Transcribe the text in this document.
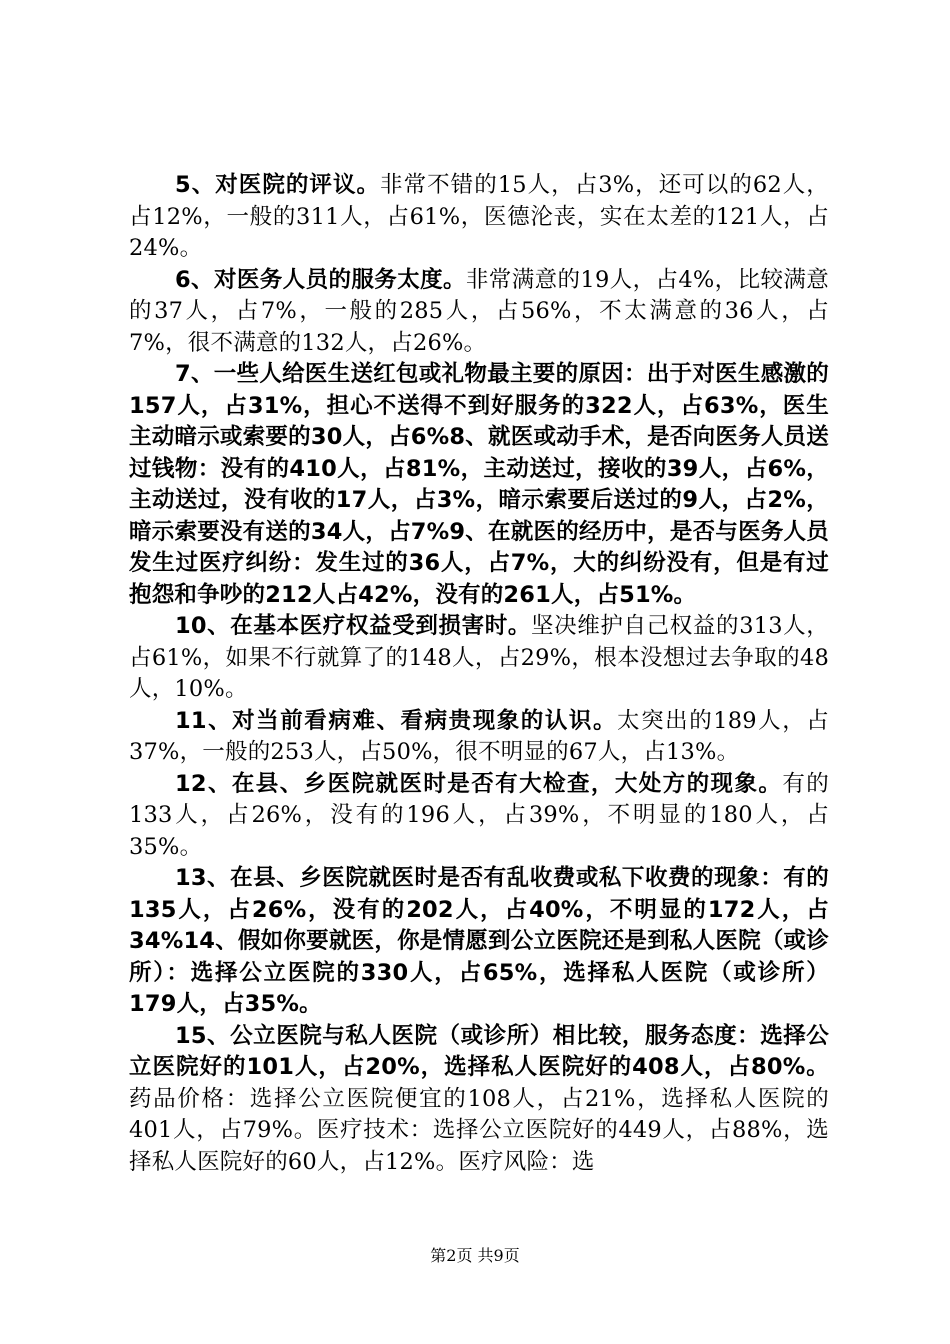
5、对医院的评议。非常不错的15人，占3%，还可以的62人，占12%，一般的311人，占61%，医德沦丧，实在太差的121人，占24%。

6、对医务人员的服务太度。非常满意的19人，占4%，比较满意的37人，占7%，一般的285人，占56%，不太满意的36人，占7%，很不满意的132人，占26%。

7、一些人给医生送红包或礼物最主要的原因：出于对医生感激的157人，占31%，担心不送得不到好服务的322人，占63%，医生主动暗示或索要的30人，占6%8、就医或动手术，是否向医务人员送过钱物：没有的410人，占81%，主动送过，接收的39人，占6%，主动送过，没有收的17人，占3%，暗示索要后送过的9人，占2%，暗示索要没有送的34人，占7%9、在就医的经历中，是否与医务人员发生过医疗纠纷：发生过的36人，占7%，大的纠纷没有，但是有过抱怨和争吵的212人占42%，没有的261人，占51%。

10、在基本医疗权益受到损害时。坚决维护自己权益的313人，占61%，如果不行就算了的148人，占29%，根本没想过去争取的48人，10%。

11、对当前看病难、看病贵现象的认识。太突出的189人，占37%，一般的253人，占50%，很不明显的67人，占13%。

12、在县、乡医院就医时是否有大检查，大处方的现象。有的133人，占26%，没有的196人，占39%，不明显的180人，占35%。

13、在县、乡医院就医时是否有乱收费或私下收费的现象：有的135人，占26%，没有的202人，占40%，不明显的172人，占34%14、假如你要就医，你是情愿到公立医院还是到私人医院（或诊所）：选择公立医院的330人，占65%，选择私人医院（或诊所）179人，占35%。

15、公立医院与私人医院（或诊所）相比较，服务态度：选择公立医院好的101人，占20%，选择私人医院好的408人，占80%。药品价格：选择公立医院便宜的108人，占21%，选择私人医院的401人，占79%。医疗技术：选择公立医院好的449人，占88%，选择私人医院好的60人，占12%。医疗风险：选

第2页 共9页
